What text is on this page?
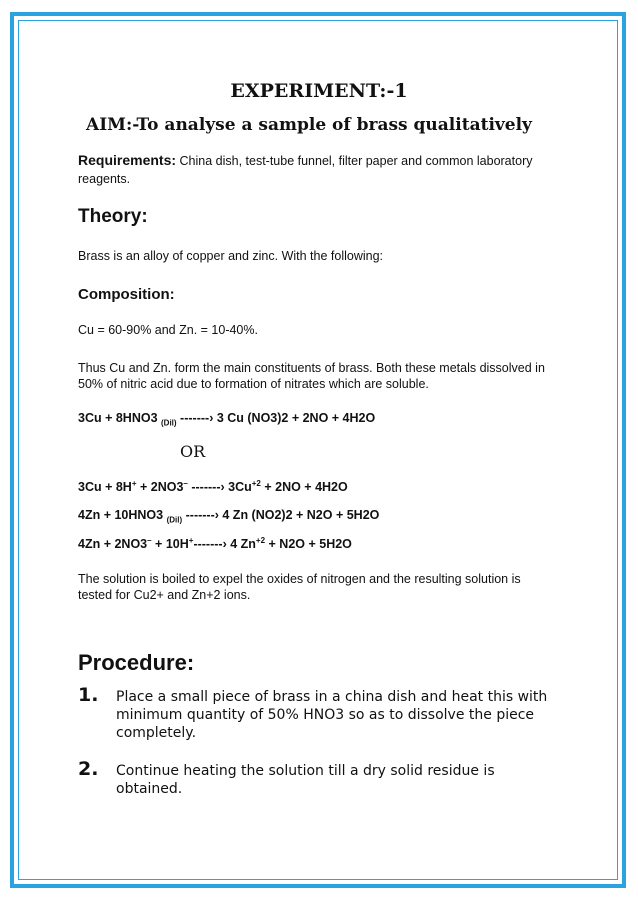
EXPERIMENT:-1
AIM:-To analyse a sample of brass qualitatively
Requirements: China dish, test-tube funnel, filter paper and common laboratory reagents.
Theory:
Brass is an alloy of copper and zinc. With the following:
Composition:
Cu = 60-90% and Zn. = 10-40%.
Thus Cu and Zn. form the main constituents of brass. Both these metals dissolved in 50% of nitric acid due to formation of nitrates which are soluble.
3Cu + 8HNO3 $_{(Dil)}$ -------› 3 Cu (NO3)2 + 2NO + 4H2O
OR
3Cu + 8H+ + 2NO3– -------› $3Cu^{+2} + 2NO + 4H2O$
4Zn + 10HNO3 $_{(Dil)}$ -------› 4 Zn (NO2)2 + N2O + 5H2O
4Zn + 2NO3– + 10H+-------› 4 $Zn^{+2} + N2O + 5H2O$
The solution is boiled to expel the oxides of nitrogen and the resulting solution is tested for Cu2+ and Zn+2 ions.
Procedure:
1.	Place a small piece of brass in a china dish and heat this with minimum quantity of 50% HNO3 so as to dissolve the piece completely.
2.	Continue heating the solution till a dry solid residue is obtained.
